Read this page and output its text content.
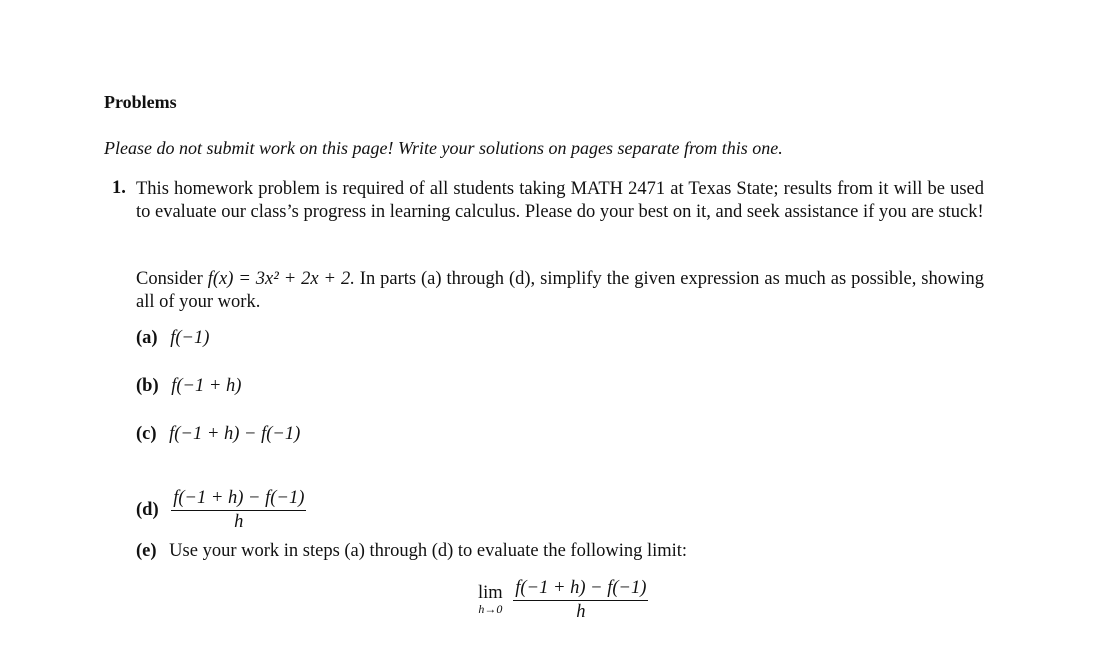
Problems
Please do not submit work on this page! Write your solutions on pages separate from this one.
1. This homework problem is required of all students taking MATH 2471 at Texas State; results from it will be used to evaluate our class’s progress in learning calculus. Please do your best on it, and seek assistance if you are stuck!
Consider f(x) = 3x² + 2x + 2. In parts (a) through (d), simplify the given expression as much as possible, showing all of your work.
(a) f(−1)
(b) f(−1 + h)
(c) f(−1 + h) − f(−1)
$(d) \frac{f(-1 + h) - f(-1)}{h}$
(e) Use your work in steps (a) through (d) to evaluate the following limit:
lim
h→0
$\frac{f(-1 + h) - f(-1)}{h}$
